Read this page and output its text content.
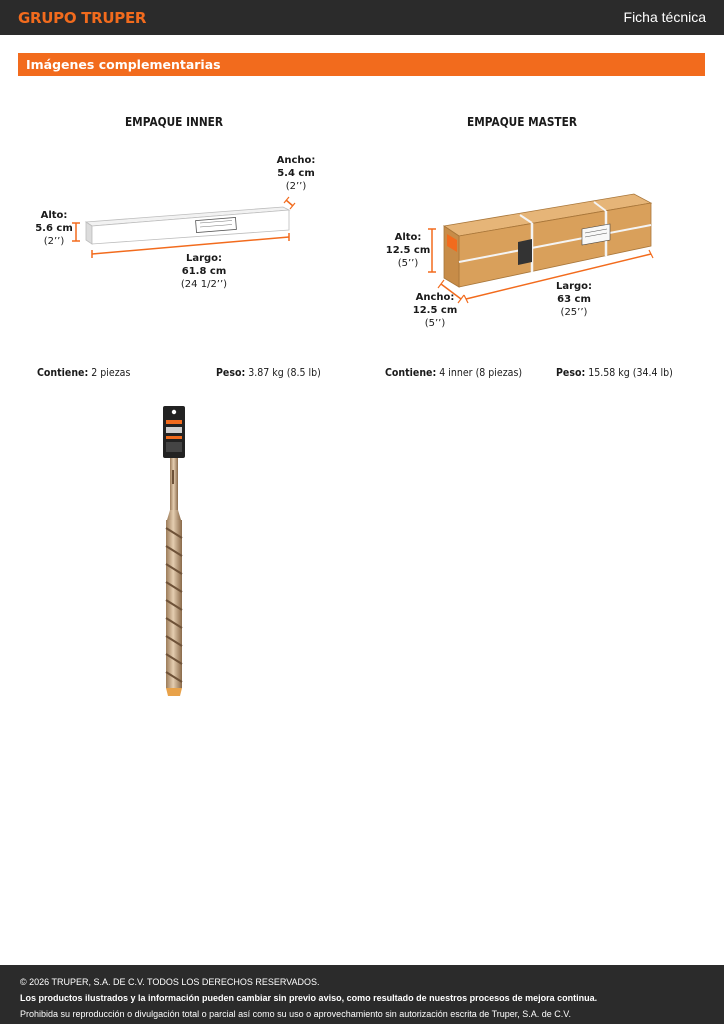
GRUPO TRUPER	Ficha técnica
Imágenes complementarias
EMPAQUE INNER
Ancho:
5.4 cm
(2’’)
Alto:
5.6 cm
(2’’)
Largo:
61.8 cm
(24 1/2’’)
Contiene: 2 piezas	Peso: 3.87 kg (8.5 lb)
EMPAQUE MASTER
Alto:
12.5 cm
(5’’)
Ancho:
12.5 cm
(5’’)
Largo:
63 cm
(25’’)
Contiene: 4 inner (8 piezas)	Peso: 15.58 kg (34.4 lb)
© 2026 TRUPER, S.A. DE C.V. TODOS LOS DERECHOS RESERVADOS.
Los productos ilustrados y la información pueden cambiar sin previo aviso, como resultado de nuestros procesos de mejora continua.
Prohibida su reproducción o divulgación total o parcial así como su uso o aprovechamiento sin autorización escrita de Truper, S.A. de C.V.
